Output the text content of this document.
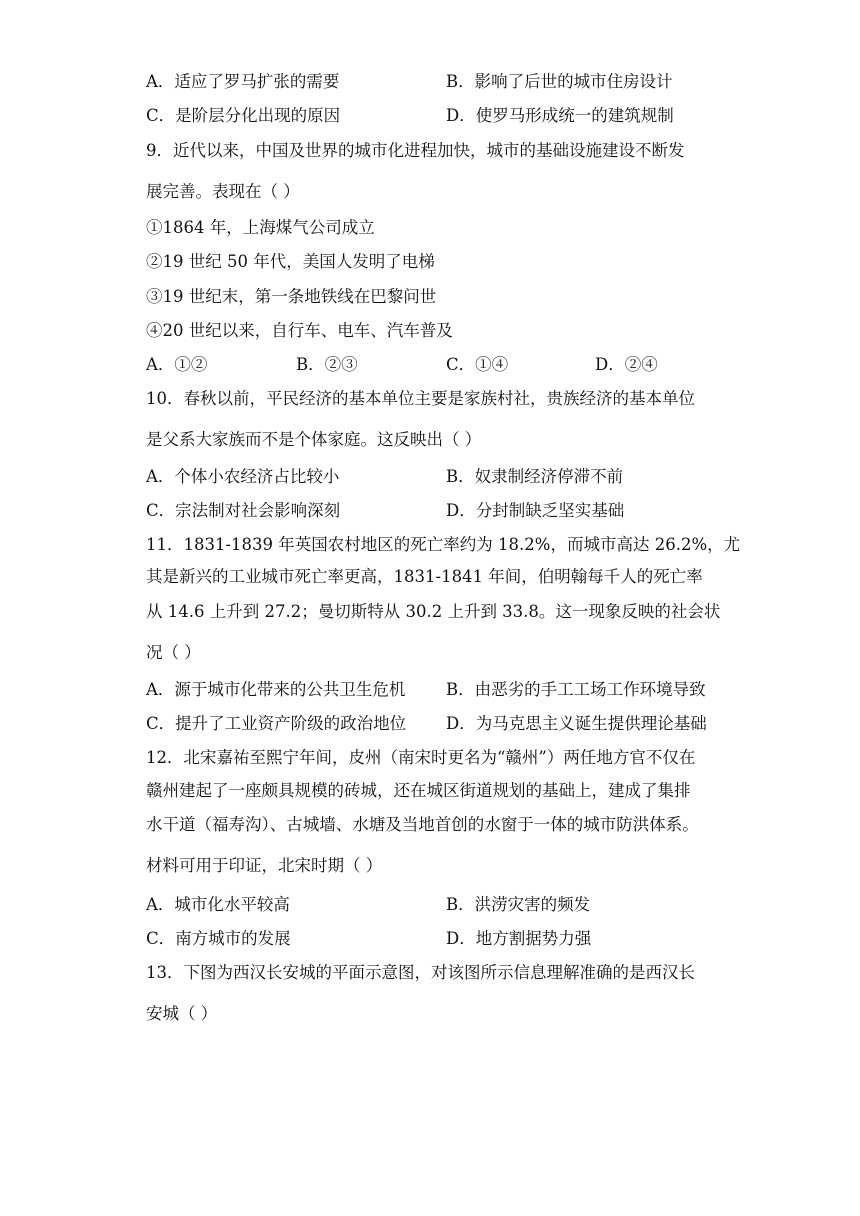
A．适应了罗马扩张的需要	B．影响了后世的城市住房设计
C．是阶层分化出现的原因	D．使罗马形成统一的建筑规制
9．近代以来，中国及世界的城市化进程加快，城市的基础设施建设不断发
展完善。表现在（ ）
①1864 年，上海煤气公司成立
②19 世纪 50 年代，美国人发明了电梯
③19 世纪末，第一条地铁线在巴黎问世
④20 世纪以来，自行车、电车、汽车普及
A．①②	B．②③	C．①④	D．②④
10．春秋以前，平民经济的基本单位主要是家族村社，贵族经济的基本单位
是父系大家族而不是个体家庭。这反映出（ ）
A．个体小农经济占比较小	B．奴隶制经济停滞不前
C．宗法制对社会影响深刻	D．分封制缺乏坚实基础
11．1831-1839 年英国农村地区的死亡率约为 18.2%，而城市高达 26.2%，尤
其是新兴的工业城市死亡率更高，1831-1841 年间，伯明翰每千人的死亡率
从 14.6 上升到 27.2；曼切斯特从 30.2 上升到 33.8。这一现象反映的社会状
况（ ）
A．源于城市化带来的公共卫生危机 B．由恶劣的手工工场工作环境导致
C．提升了工业资产阶级的政治地位 D．为马克思主义诞生提供理论基础
12．北宋嘉祐至熙宁年间，皮州（南宋时更名为“赣州”）两任地方官不仅在
赣州建起了一座颇具规模的砖城，还在城区街道规划的基础上，建成了集排
水干道（福寿沟）、古城墙、水塘及当地首创的水窗于一体的城市防洪体系。
材料可用于印证，北宋时期（ ）
A．城市化水平较高	B．洪涝灾害的频发
C．南方城市的发展	D．地方割据势力强
13．下图为西汉长安城的平面示意图，对该图所示信息理解准确的是西汉长
安城（ ）
